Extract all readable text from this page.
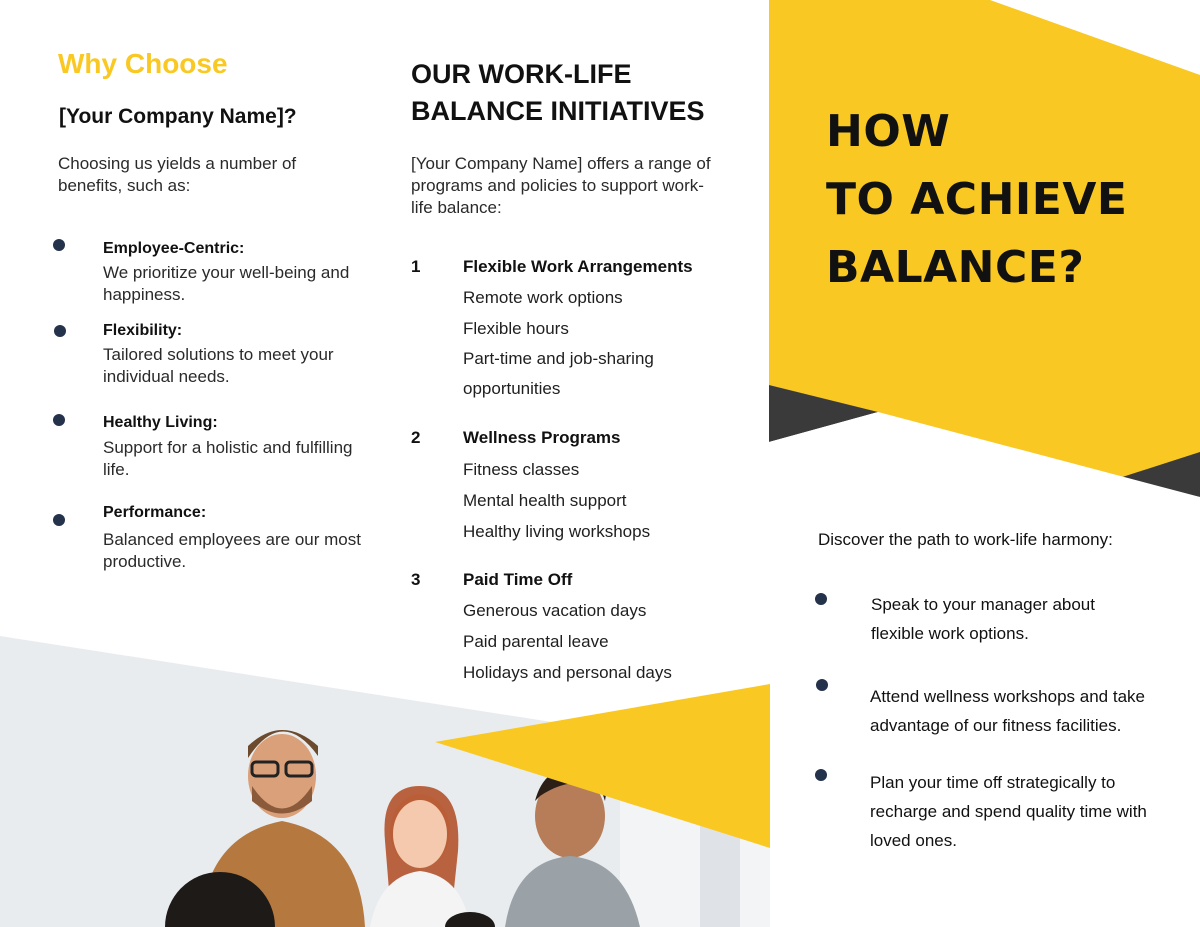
Why Choose
[Your Company Name]?
Choosing us yields a number of benefits, such as:
Employee-Centric:
We prioritize your well-being and happiness.
Flexibility:
Tailored solutions to meet your individual needs.
Healthy Living:
Support for a holistic and fulfilling life.
Performance:
Balanced employees are our most productive.
OUR WORK-LIFE BALANCE INITIATIVES
[Your Company Name] offers a range of programs and policies to support work-life balance:
1	Flexible Work Arrangements
Remote work options
Flexible hours
Part-time and job-sharing opportunities
2	Wellness Programs
Fitness classes
Mental health support
Healthy living workshops
3	Paid Time Off
Generous vacation days
Paid parental leave
Holidays and personal days
HOW
TO ACHIEVE
BALANCE?
Discover the path to work-life harmony:
Speak to your manager about flexible work options.
Attend wellness workshops and take advantage of our fitness facilities.
Plan your time off strategically to recharge and spend quality time with loved ones.
